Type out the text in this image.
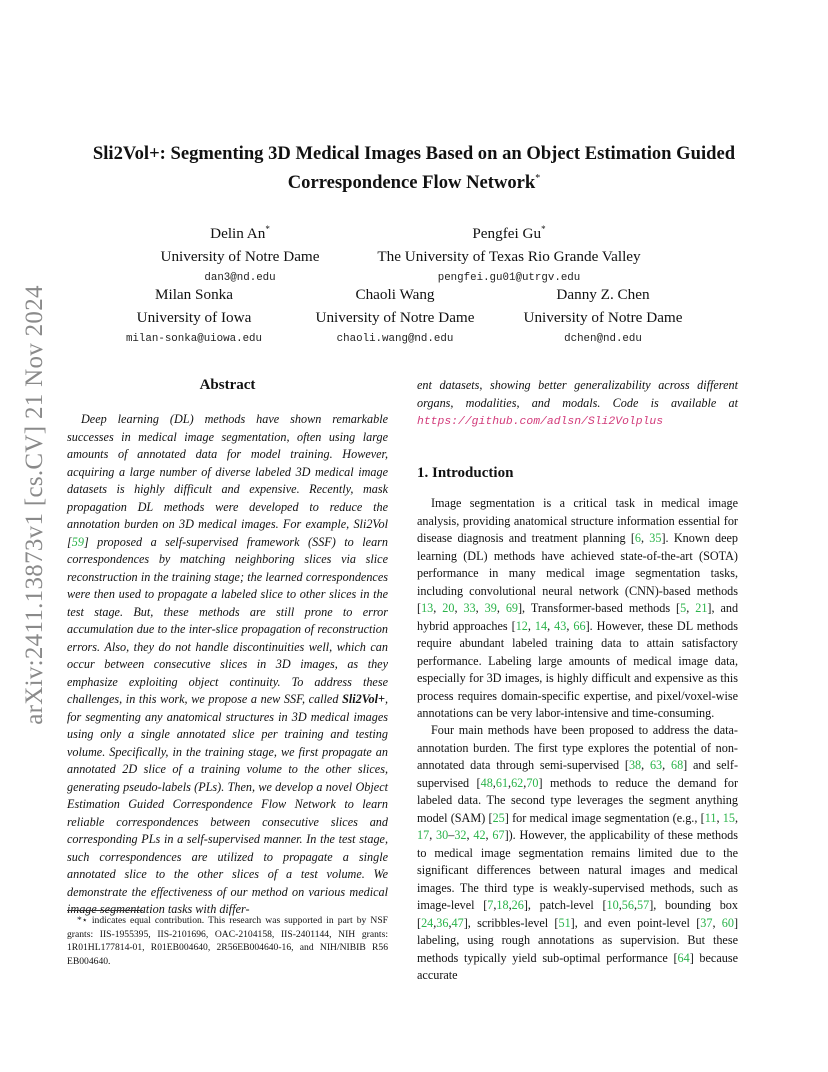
arXiv:2411.13873v1 [cs.CV] 21 Nov 2024
Sli2Vol+: Segmenting 3D Medical Images Based on an Object Estimation Guided
Correspondence Flow Network*
Delin An*
University of Notre Dame
dan3@nd.edu
Pengfei Gu*
The University of Texas Rio Grande Valley
pengfei.gu01@utrgv.edu
Milan Sonka
University of Iowa
milan-sonka@uiowa.edu
Chaoli Wang
University of Notre Dame
chaoli.wang@nd.edu
Danny Z. Chen
University of Notre Dame
dchen@nd.edu
Abstract
Deep learning (DL) methods have shown remarkable successes in medical image segmentation, often using large amounts of annotated data for model training. However, acquiring a large number of diverse labeled 3D medical image datasets is highly difficult and expensive. Recently, mask propagation DL methods were developed to reduce the annotation burden on 3D medical images. For example, Sli2Vol [59] proposed a self-supervised framework (SSF) to learn correspondences by matching neighboring slices via slice reconstruction in the training stage; the learned correspondences were then used to propagate a labeled slice to other slices in the test stage. But, these methods are still prone to error accumulation due to the inter-slice propagation of reconstruction errors. Also, they do not handle discontinuities well, which can occur between consecutive slices in 3D images, as they emphasize exploiting object continuity. To address these challenges, in this work, we propose a new SSF, called Sli2Vol+, for segmenting any anatomical structures in 3D medical images using only a single annotated slice per training and testing volume. Specifically, in the training stage, we first propagate an annotated 2D slice of a training volume to the other slices, generating pseudo-labels (PLs). Then, we develop a novel Object Estimation Guided Correspondence Flow Network to learn reliable correspondences between consecutive slices and corresponding PLs in a self-supervised manner. In the test stage, such correspondences are utilized to propagate a single annotated slice to the other slices of a test volume. We demonstrate the effectiveness of our method on various medical image segmentation tasks with differ-
ent datasets, showing better generalizability across different organs, modalities, and modals. Code is available at https://github.com/adlsn/Sli2Volplus
1. Introduction
Image segmentation is a critical task in medical image analysis, providing anatomical structure information essential for disease diagnosis and treatment planning [6, 35]. Known deep learning (DL) methods have achieved state-of-the-art (SOTA) performance in many medical image segmentation tasks, including convolutional neural network (CNN)-based methods [13, 20, 33, 39, 69], Transformer-based methods [5, 21], and hybrid approaches [12, 14, 43, 66]. However, these DL methods require abundant labeled training data to attain satisfactory performance. Labeling large amounts of medical image data, especially for 3D images, is highly difficult and expensive as this process requires domain-specific expertise, and pixel/voxel-wise annotations can be very labor-intensive and time-consuming.
Four main methods have been proposed to address the data-annotation burden. The first type explores the potential of non-annotated data through semi-supervised [38, 63, 68] and self-supervised [48,61,62,70] methods to reduce the demand for labeled data. The second type leverages the segment anything model (SAM) [25] for medical image segmentation (e.g., [11, 15, 17, 30–32, 42, 67]). However, the applicability of these methods to medical image segmentation remains limited due to the significant differences between natural images and medical images. The third type is weakly-supervised methods, such as image-level [7,18,26], patch-level [10,56,57], bounding box [24,36,47], scribbles-level [51], and even point-level [37, 60] labeling, using rough annotations as supervision. But these methods typically yield sub-optimal performance [64] because accurate
*⋆ indicates equal contribution. This research was supported in part by NSF grants: IIS-1955395, IIS-2101696, OAC-2104158, IIS-2401144, NIH grants: 1R01HL177814-01, R01EB004640, 2R56EB004640-16, and NIH/NIBIB R56 EB004640.
